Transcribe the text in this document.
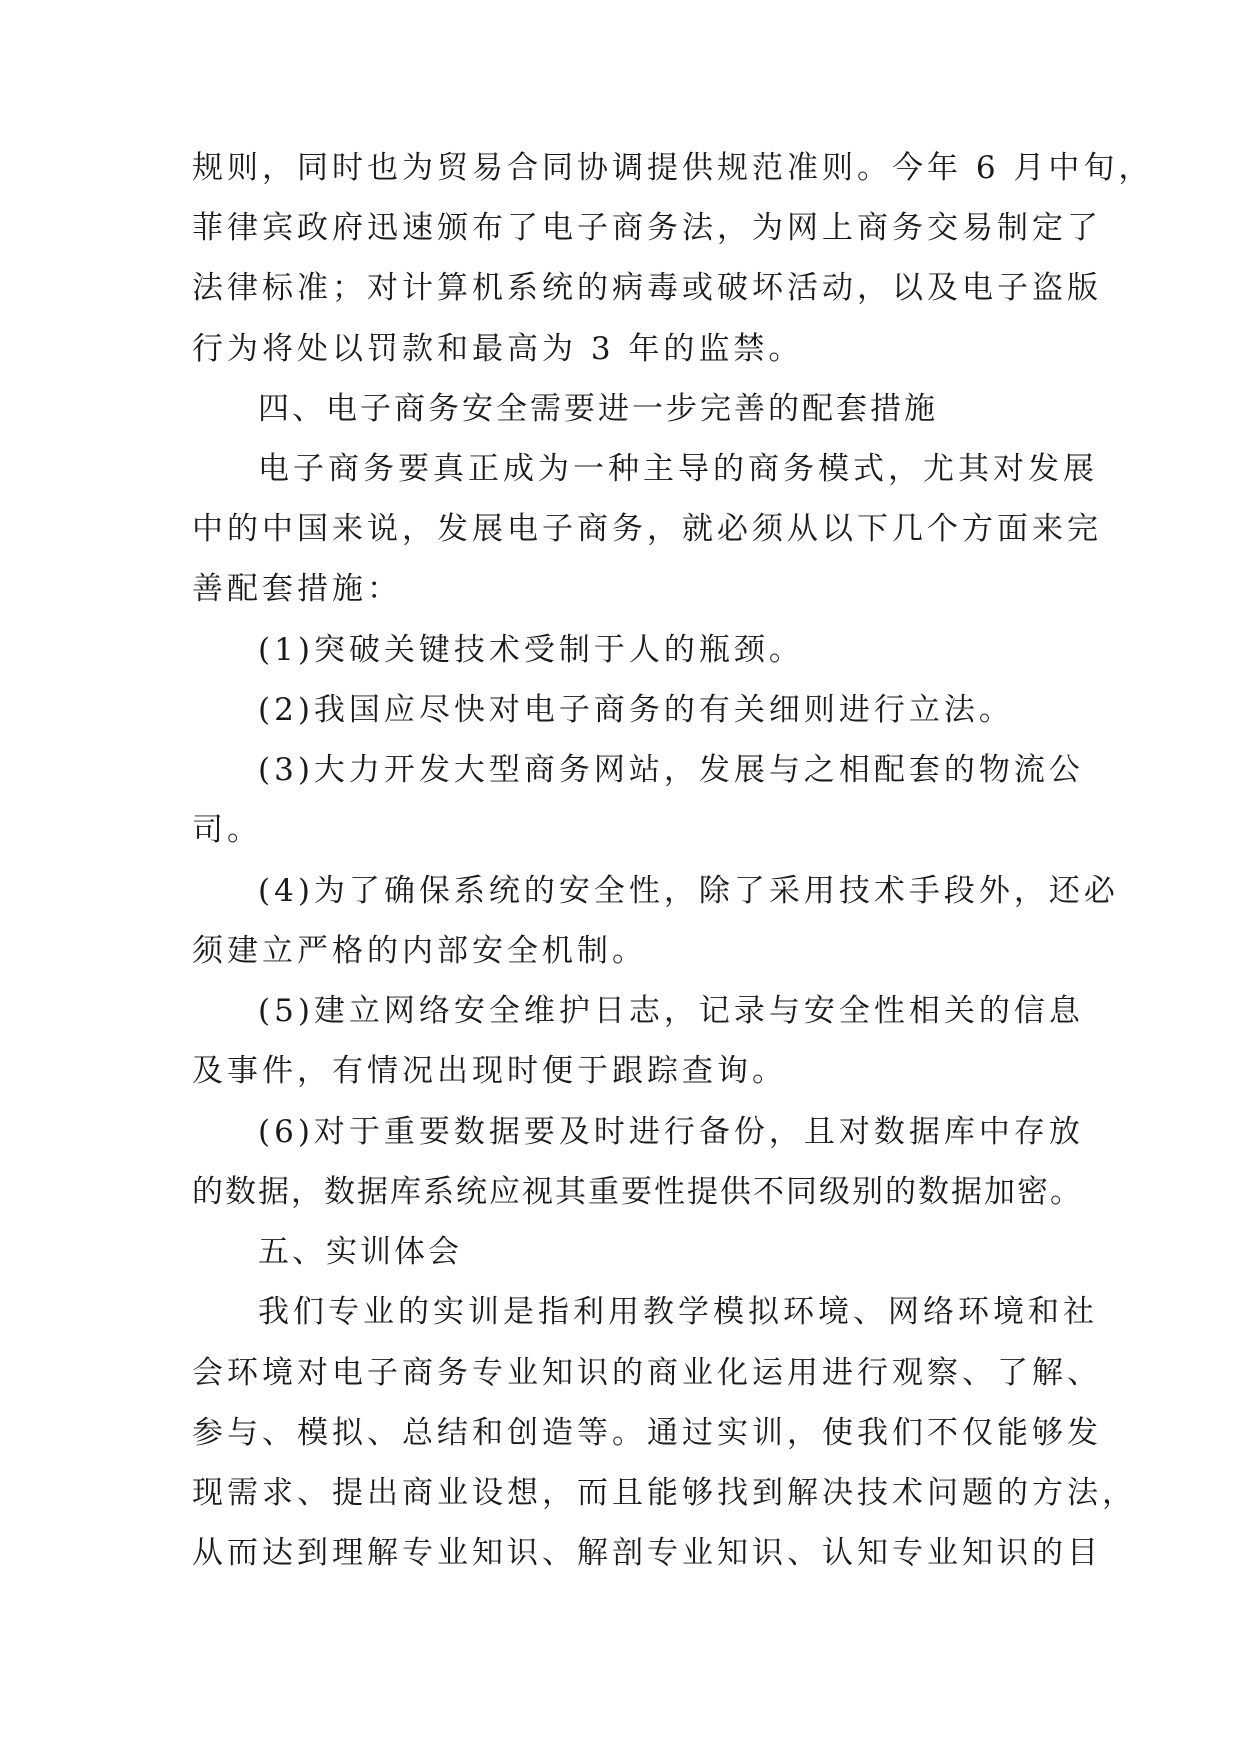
规则，同时也为贸易合同协调提供规范准则。今年 6 月中旬，
菲律宾政府迅速颁布了电子商务法，为网上商务交易制定了
法律标准；对计算机系统的病毒或破坏活动，以及电子盗版
行为将处以罚款和最高为 3 年的监禁。
四、电子商务安全需要进一步完善的配套措施
电子商务要真正成为一种主导的商务模式，尤其对发展
中的中国来说，发展电子商务，就必须从以下几个方面来完
善配套措施：
(1)突破关键技术受制于人的瓶颈。
(2)我国应尽快对电子商务的有关细则进行立法。
(3)大力开发大型商务网站，发展与之相配套的物流公
司。
(4)为了确保系统的安全性，除了采用技术手段外，还必
须建立严格的内部安全机制。
(5)建立网络安全维护日志，记录与安全性相关的信息
及事件，有情况出现时便于跟踪查询。
(6)对于重要数据要及时进行备份，且对数据库中存放
的数据，数据库系统应视其重要性提供不同级别的数据加密。
五、实训体会
我们专业的实训是指利用教学模拟环境、网络环境和社
会环境对电子商务专业知识的商业化运用进行观察、了解、
参与、模拟、总结和创造等。通过实训，使我们不仅能够发
现需求、提出商业设想，而且能够找到解决技术问题的方法，
从而达到理解专业知识、解剖专业知识、认知专业知识的目
